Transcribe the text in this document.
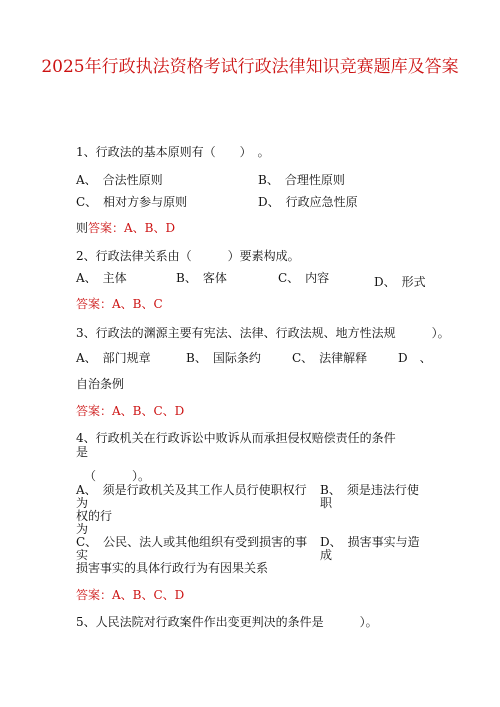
2025年行政执法资格考试行政法律知识竞赛题库及答案
1、行政法的基本原则有（　　）　。
A、　合法性原则	B、　合理性原则
C、　相对方参与原则	D、　行政应急性原
则答案：A、B、D
2、行政法律关系由（　　　）要素构成。
A、　主体	B、　客体	C、　内容	D、　形式
答案：A、B、C
3、行政法的渊源主要有宪法、法律、行政法规、地方性法规　　　）。
A、　部门规章	B、　国际条约	C、　法律解释	D　、
自治条例
答案：A、B、C、D
4、行政机关在行政诉讼中败诉从而承担侵权赔偿责任的条件
是
（　　　）。
A、　须是行政机关及其工作人员行使职权行
为
B、　须是违法行使
职
权的行
为
C、　公民、法人或其他组织有受到损害的事
实
D、　损害事实与造
成
损害事实的具体行政行为有因果关系
答案：A、B、C、D
5、人民法院对行政案件作出变更判决的条件是　　　）。
